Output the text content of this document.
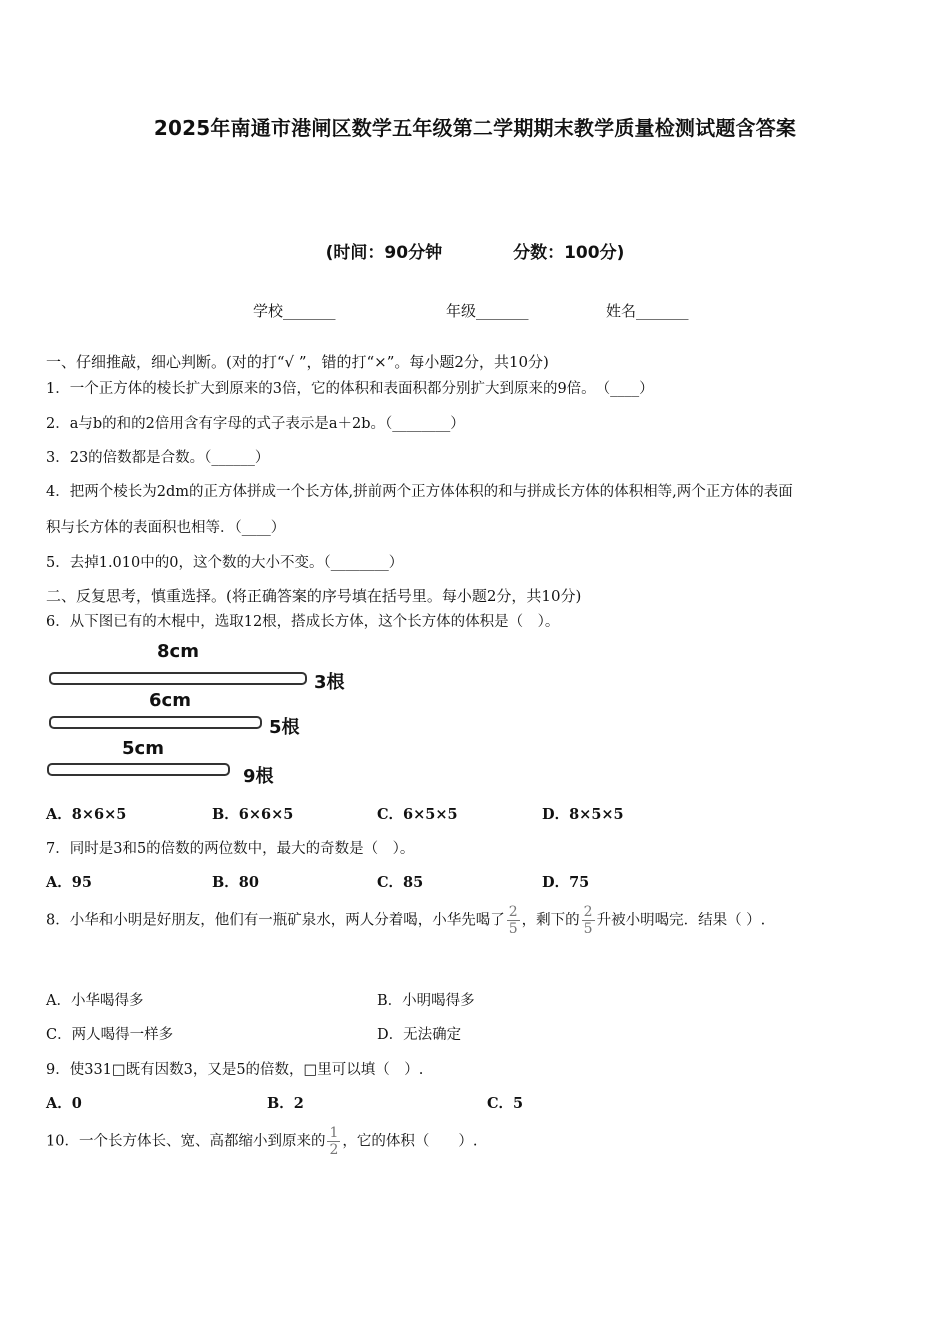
2025年南通市港闸区数学五年级第二学期期末教学质量检测试题含答案
(时间：90分钟            分数：100分)
学校_______	年级_______	姓名_______
一、仔细推敲，细心判断。(对的打“√ ”，错的打“×”。每小题2分，共10分)
1．一个正方体的棱长扩大到原来的3倍，它的体积和表面积都分别扩大到原来的9倍。　（____）
2．a与b的和的2倍用含有字母的式子表示是a＋2b。（________）
3．23的倍数都是合数。（______）
4．把两个棱长为2dm的正方体拼成一个长方体,拼前两个正方体体积的和与拼成长方体的体积相等,两个正方体的表面
积与长方体的表面积也相等．（____）
5．去掉1.010中的0，这个数的大小不变。（________）
二、反复思考，慎重选择。(将正确答案的序号填在括号里。每小题2分，共10分)
6．从下图已有的木棍中，选取12根，搭成长方体，这个长方体的体积是（　）。
8cm
3根
6cm
5根
5cm
9根
A．8×6×5	B．6×6×5	C．6×5×5	D．8×5×5
7．同时是3和5的倍数的两位数中，最大的奇数是（　）。
A．95	B．80	C．85	D．75
8．小华和小明是好朋友，他们有一瓶矿泉水，两人分着喝，小华先喝了 $\frac{2}{5}$ ，剩下的 $\frac{2}{5}$ 升被小明喝完．结果（ ）.
A．小华喝得多	B．小明喝得多
C．两人喝得一样多	D．无法确定
9．使331□既有因数3，又是5的倍数，□里可以填（　）.
A．0	B．2	C．5
10．一个长方体长、宽、高都缩小到原来的 $\frac{1}{2}$ ，它的体积（　　）.
